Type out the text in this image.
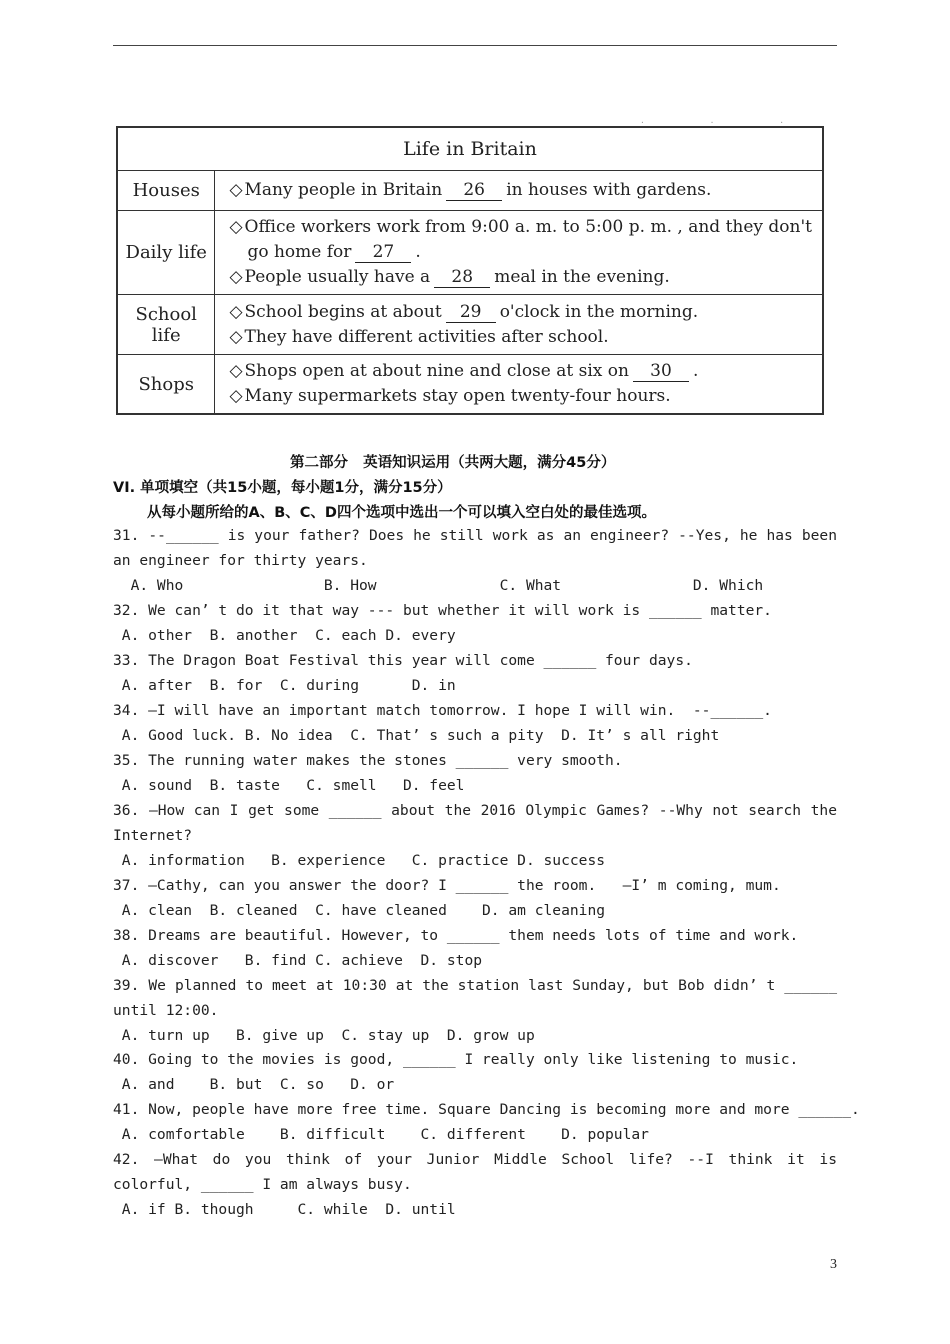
· · ·
Life in Britain	
Houses	◇ Many people in Britain 26 in houses with gardens.

Daily life	◇ Office workers work from 9:00 a. m. to 5:00 p. m. , and they don't
go home for 27 .
◇ People usually have a 28 meal in the evening.

School life	◇ School begins at about 29 o'clock in the morning.
◇ They have different activities after school.

Shops	◇ Shops open at about nine and close at six on 30 .
◇ Many supermarkets stay open twenty-four hours.
第二部分   英语知识运用（共两大题，满分45分）
VI. 单项填空（共15小题，每小题1分，满分15分）
从每小题所给的A、B、C、D四个选项中选出一个可以填入空白处的最佳选项。

31. --______ is your father? Does he still work as an engineer? --Yes, he has been

an engineer for thirty years.

A. Who                B. How              C. What               D. Which

32. We can’ t do it that way --- but whether it will work is ______ matter.

A. other  B. another  C. each D. every

33. The Dragon Boat Festival this year will come ______ four days.

A. after  B. for  C. during      D. in

34. –I will have an important match tomorrow. I hope I will win.  --______.

A. Good luck. B. No idea  C. That’ s such a pity  D. It’ s all right

35. The running water makes the stones ______ very smooth.

A. sound  B. taste   C. smell   D. feel

36. –How can I get some ______ about the 2016 Olympic Games? --Why not search the

Internet?

A. information   B. experience   C. practice D. success

37. –Cathy, can you answer the door? I ______ the room.   –I’ m coming, mum.

A. clean  B. cleaned  C. have cleaned    D. am cleaning

38. Dreams are beautiful. However, to ______ them needs lots of time and work.

A. discover   B. find C. achieve  D. stop

39. We planned to meet at 10:30 at the station last Sunday, but Bob didn’ t ______

until 12:00.

A. turn up   B. give up  C. stay up  D. grow up

40. Going to the movies is good, ______ I really only like listening to music.

A. and    B. but  C. so   D. or

41. Now, people have more free time. Square Dancing is becoming more and more ______.

A. comfortable    B. difficult    C. different    D. popular

42. –What do you think of your Junior Middle School life? --I think it is

colorful, ______ I am always busy.

A. if B. though     C. while  D. until

3
